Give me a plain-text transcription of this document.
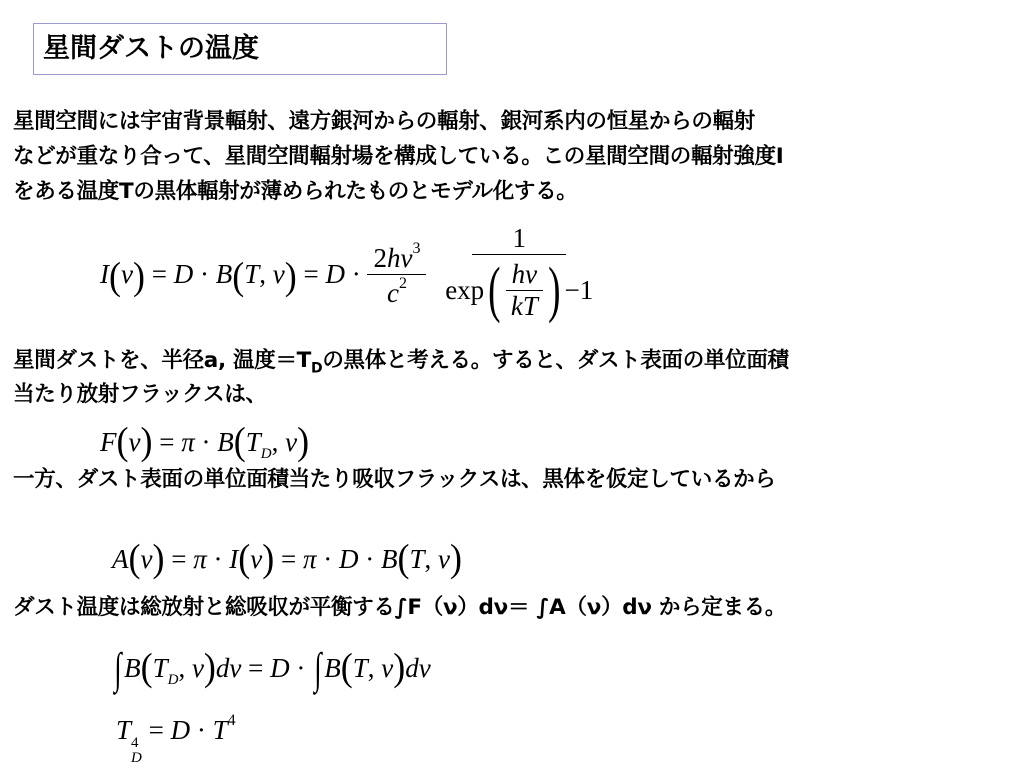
星間ダストの温度
星間空間には宇宙背景輻射、遠方銀河からの輻射、銀河系内の恒星からの輻射
などが重なり合って、星間空間輻射場を構成している。この星間空間の輻射強度I
をある温度Tの黒体輻射が薄められたものとモデル化する。
I ( ν ) = D · B ( T , ν ) = $D \cdot \frac{2h\nu^3}{c^2}$
$\frac{1}{\exp ( \frac{h\nu}{kT} ) -1}$
星間ダストを、半径a, 温度$=T_D$の黒体と考える。すると、ダスト表面の単位面積
当たり放射フラックスは、
$F(\nu) = \pi \cdot B(T_D$, ν)
一方、ダスト表面の単位面積当たり吸収フラックスは、黒体を仮定しているから
A(ν) = π · I(ν) = π · D · B(T, ν)
ダスト温度は総放射と総吸収が平衡する∫F（ν）dν＝ ∫A（ν）dν から定まる。
$\int B(T_D$, ν)dν = D · ∫B(T, ν)dν
T 4
D
= $D \cdot T^4$
